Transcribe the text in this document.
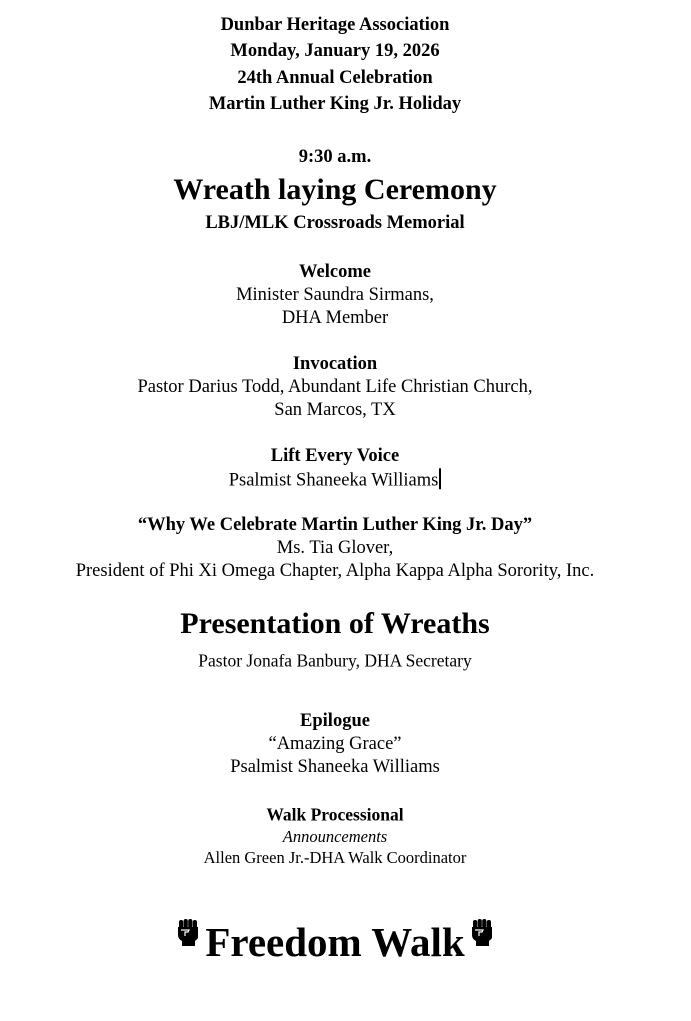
Dunbar Heritage Association
Monday, January 19, 2026
24th Annual Celebration
Martin Luther King Jr. Holiday
9:30 a.m.
Wreath laying Ceremony
LBJ/MLK Crossroads Memorial
Welcome
Minister Saundra Sirmans,
DHA Member
Invocation
Pastor Darius Todd, Abundant Life Christian Church,
San Marcos, TX
Lift Every Voice
Psalmist Shaneeka Williams
“Why We Celebrate Martin Luther King Jr. Day”
Ms. Tia Glover,
President of Phi Xi Omega Chapter, Alpha Kappa Alpha Sorority, Inc.
Presentation of Wreaths
Pastor Jonafa Banbury, DHA Secretary
Epilogue
“Amazing Grace”
Psalmist Shaneeka Williams
Walk Processional
Announcements
Allen Green Jr.-DHA Walk Coordinator
Freedom Walk
